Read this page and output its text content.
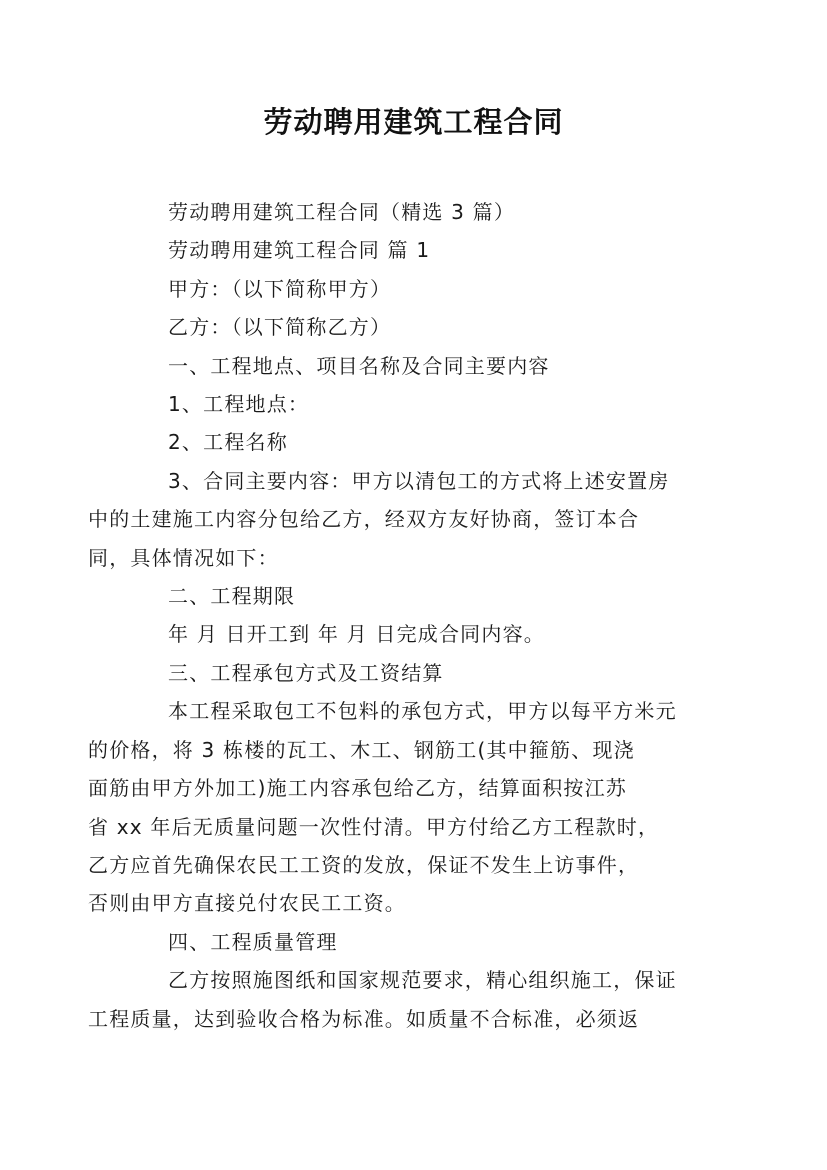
劳动聘用建筑工程合同
劳动聘用建筑工程合同（精选 3 篇）
劳动聘用建筑工程合同 篇 1
甲方：（以下简称甲方）
乙方：（以下简称乙方）
一、工程地点、项目名称及合同主要内容
1、工程地点：
2、工程名称
3、合同主要内容：甲方以清包工的方式将上述安置房
中的土建施工内容分包给乙方，经双方友好协商，签订本合
同，具体情况如下：
二、工程期限
年 月 日开工到 年 月 日完成合同内容。
三、工程承包方式及工资结算
本工程采取包工不包料的承包方式，甲方以每平方米元
的价格，将 3 栋楼的瓦工、木工、钢筋工(其中箍筋、现浇
面筋由甲方外加工)施工内容承包给乙方，结算面积按江苏
省 xx 年后无质量问题一次性付清。甲方付给乙方工程款时，
乙方应首先确保农民工工资的发放，保证不发生上访事件，
否则由甲方直接兑付农民工工资。
四、工程质量管理
乙方按照施图纸和国家规范要求，精心组织施工，保证
工程质量，达到验收合格为标准。如质量不合标准，必须返
